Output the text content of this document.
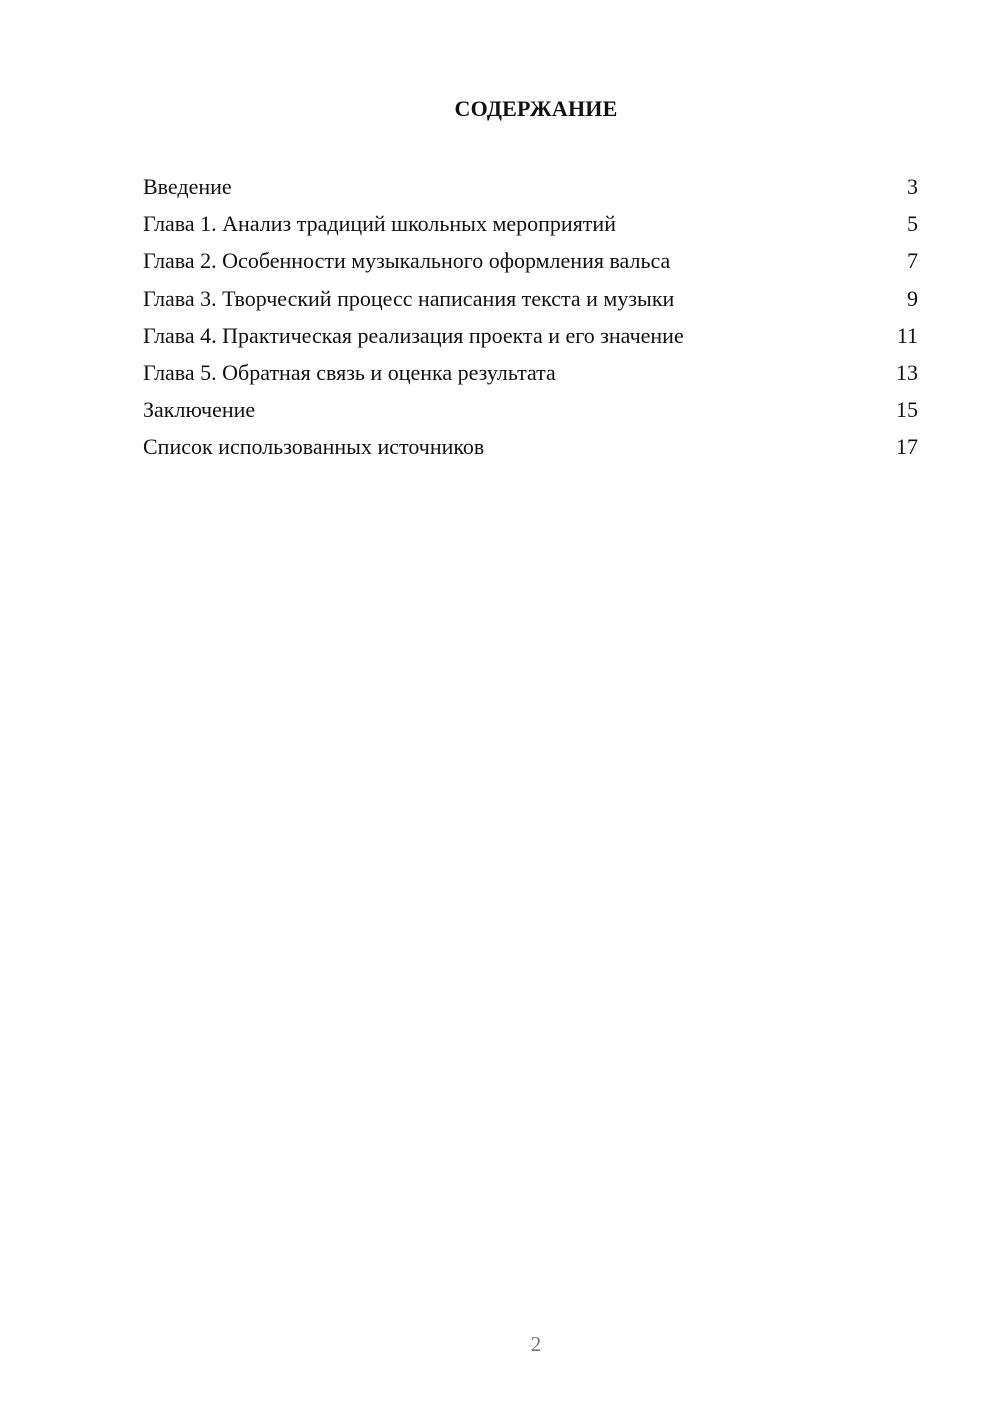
СОДЕРЖАНИЕ
Введение	3
Глава 1. Анализ традиций школьных мероприятий	5
Глава 2. Особенности музыкального оформления вальса	7
Глава 3. Творческий процесс написания текста и музыки	9
Глава 4. Практическая реализация проекта и его значение	11
Глава 5. Обратная связь и оценка результата	13
Заключение	15
Список использованных источников	17
2
